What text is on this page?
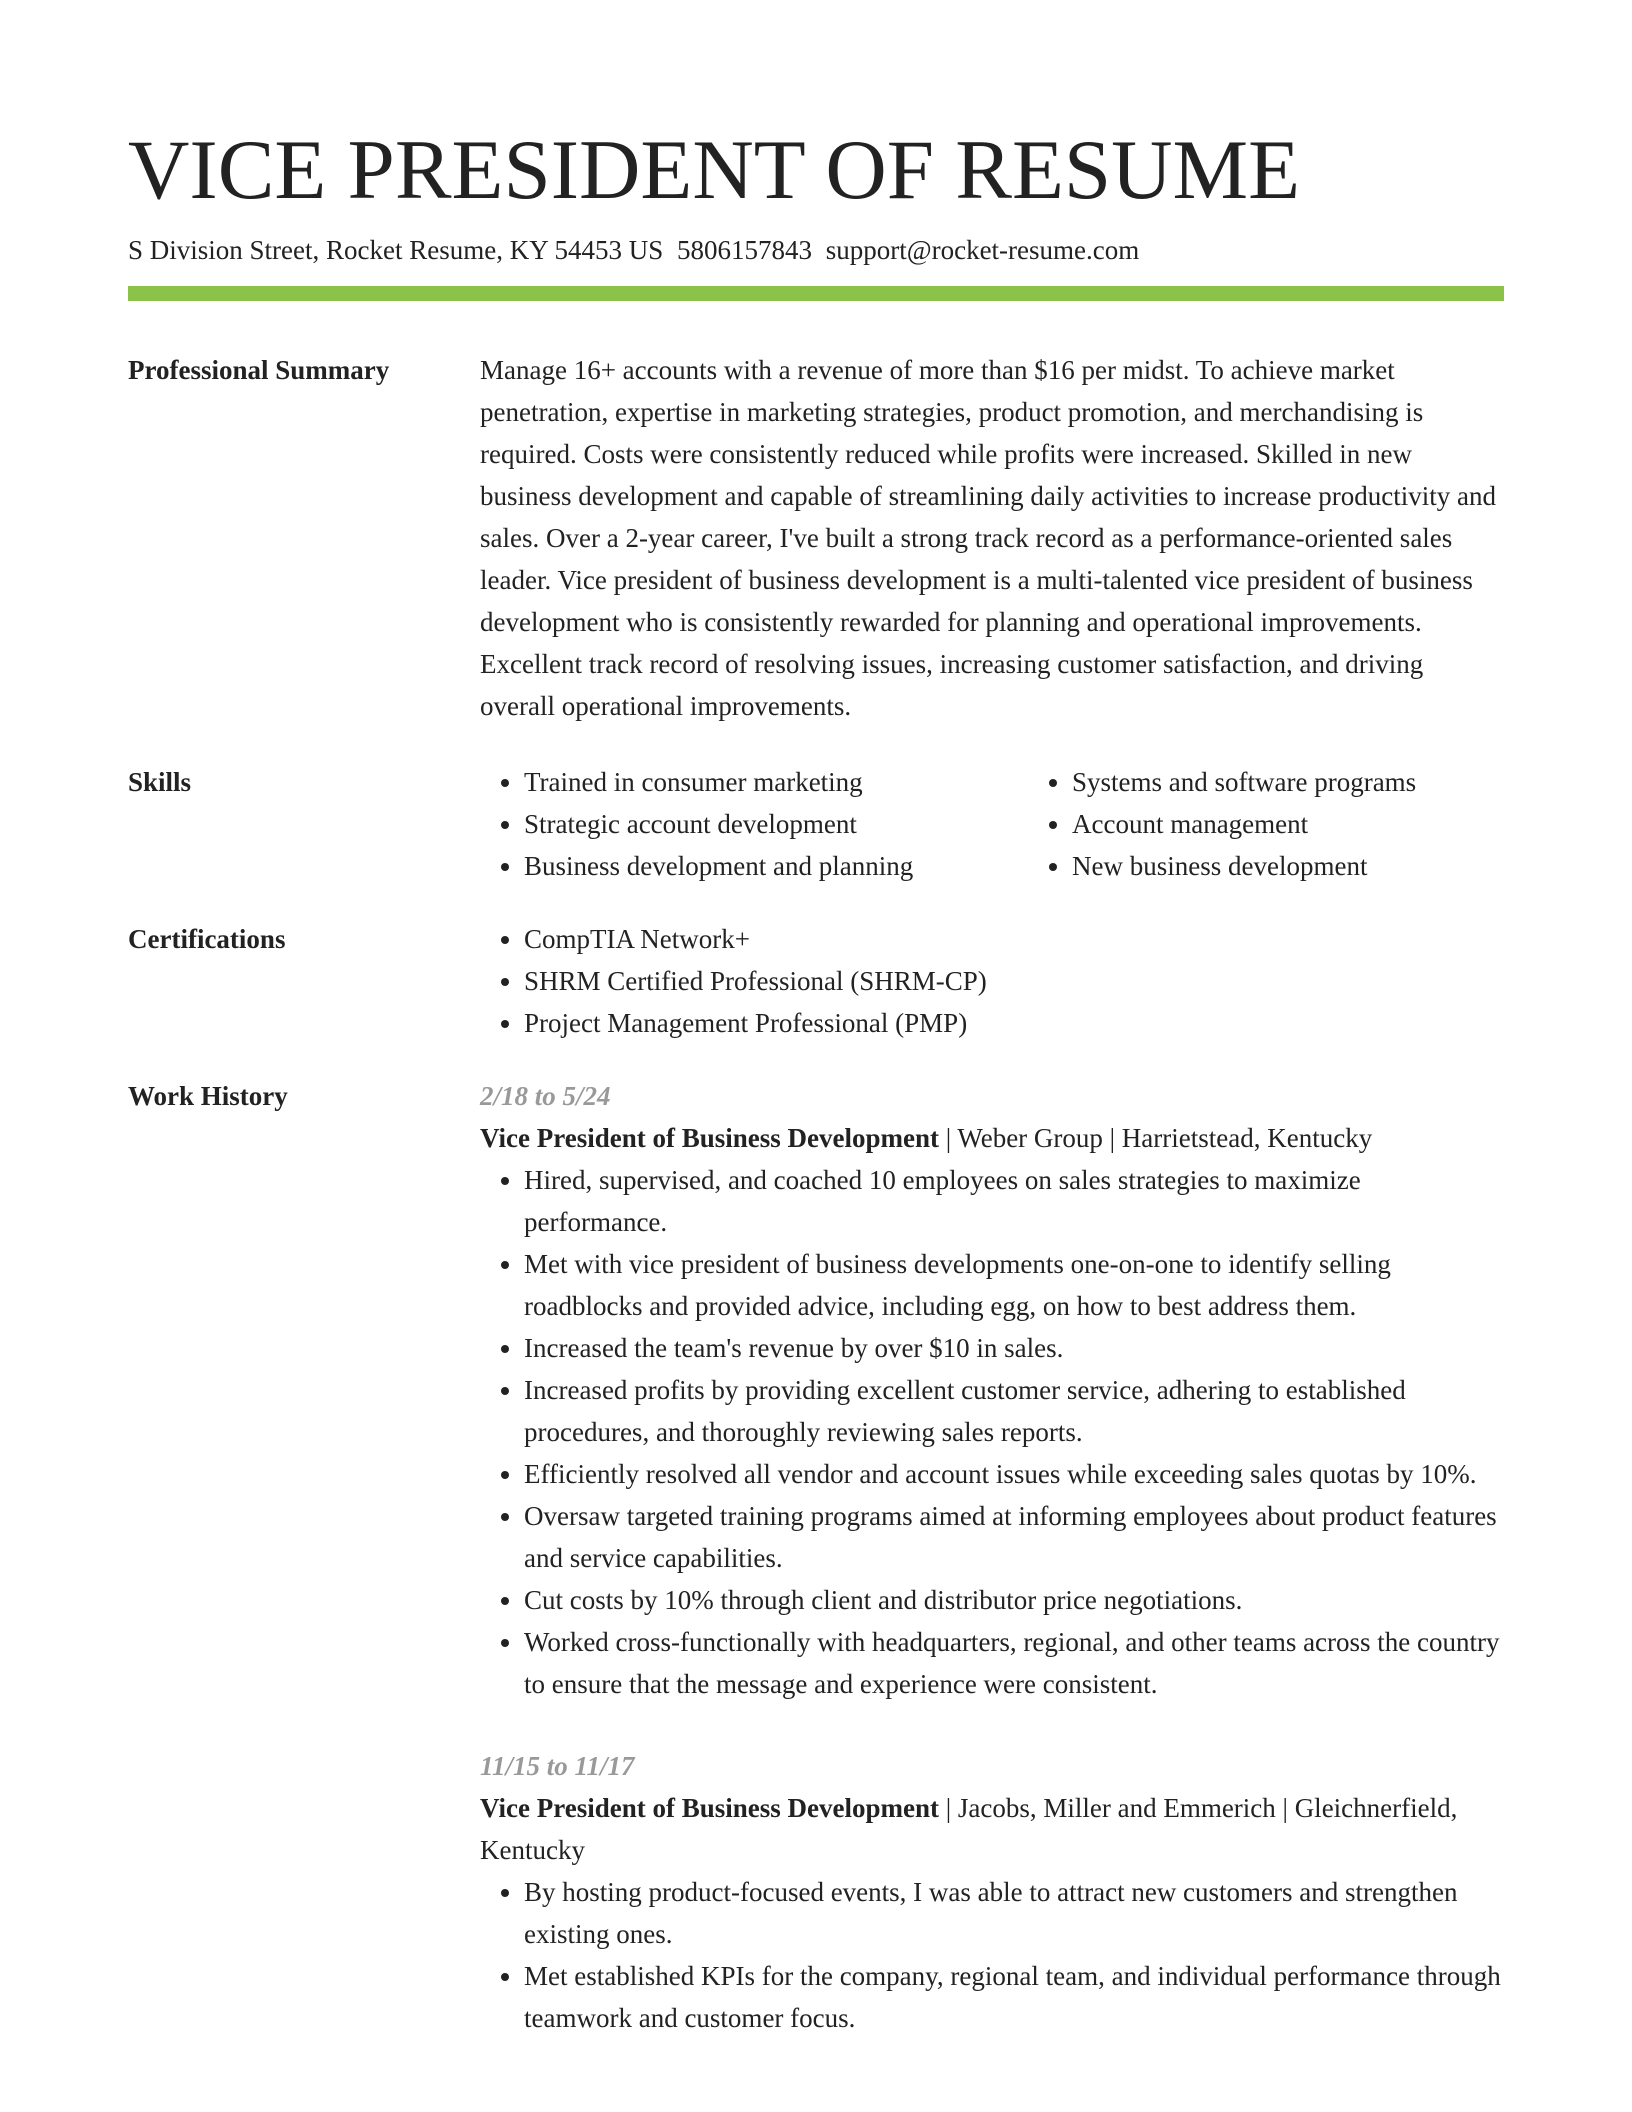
VICE PRESIDENT OF RESUME
S Division Street, Rocket Resume, KY 54453 US 5806157843 support@rocket-resume.com
Professional Summary	Manage 16+ accounts with a revenue of more than $16 per midst. To achieve market penetration, expertise in marketing strategies, product promotion, and merchandising is required. Costs were consistently reduced while profits were increased. Skilled in new business development and capable of streamlining daily activities to increase productivity and sales. Over a 2-year career, I've built a strong track record as a performance-oriented sales leader. Vice president of business development is a multi-talented vice president of business development who is consistently rewarded for planning and operational improvements. Excellent track record of resolving issues, increasing customer satisfaction, and driving overall operational improvements.

Skills	• Trained in consumer marketing
• Strategic account development
• Business development and planning
• Systems and software programs
• Account management
• New business development
Certifications	• CompTIA Network+
• SHRM Certified Professional (SHRM-CP)
• Project Management Professional (PMP)
Work History	2/18 to 5/24

Vice President of Business Development | Weber Group | Harrietstead, Kentucky

• Hired, supervised, and coached 10 employees on sales strategies to maximize performance.
• Met with vice president of business developments one-on-one to identify selling roadblocks and provided advice, including egg, on how to best address them.
• Increased the team's revenue by over $10 in sales.
• Increased profits by providing excellent customer service, adhering to established procedures, and thoroughly reviewing sales reports.
• Efficiently resolved all vendor and account issues while exceeding sales quotas by 10%.
• Oversaw targeted training programs aimed at informing employees about product features and service capabilities.
• Cut costs by 10% through client and distributor price negotiations.
• Worked cross-functionally with headquarters, regional, and other teams across the country to ensure that the message and experience were consistent.

11/15 to 11/17

Vice President of Business Development | Jacobs, Miller and Emmerich | Gleichnerfield, Kentucky

• By hosting product-focused events, I was able to attract new customers and strengthen existing ones.
• Met established KPIs for the company, regional team, and individual performance through teamwork and customer focus.
